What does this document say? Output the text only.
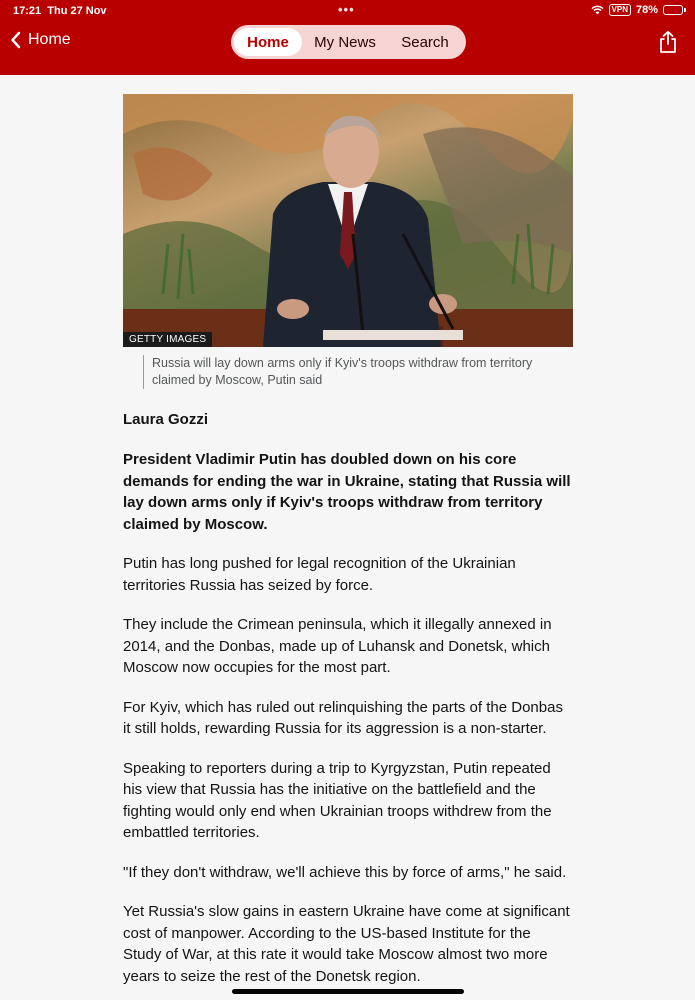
17:21 Thu 27 Nov	•••	VPN 78%
Home	Home	My News	Search
GETTY IMAGES
Russia will lay down arms only if Kyiv's troops withdraw from territory claimed by Moscow, Putin said
Laura Gozzi

President Vladimir Putin has doubled down on his core demands for ending the war in Ukraine, stating that Russia will lay down arms only if Kyiv's troops withdraw from territory claimed by Moscow.

Putin has long pushed for legal recognition of the Ukrainian territories Russia has seized by force.

They include the Crimean peninsula, which it illegally annexed in 2014, and the Donbas, made up of Luhansk and Donetsk, which Moscow now occupies for the most part.

For Kyiv, which has ruled out relinquishing the parts of the Donbas it still holds, rewarding Russia for its aggression is a non-starter.

Speaking to reporters during a trip to Kyrgyzstan, Putin repeated his view that Russia has the initiative on the battlefield and the fighting would only end when Ukrainian troops withdrew from the embattled territories.

"If they don't withdraw, we'll achieve this by force of arms," he said.

Yet Russia's slow gains in eastern Ukraine have come at significant cost of manpower. According to the US-based Institute for the Study of War, at this rate it would take Moscow almost two more years to seize the rest of the Donetsk region.
